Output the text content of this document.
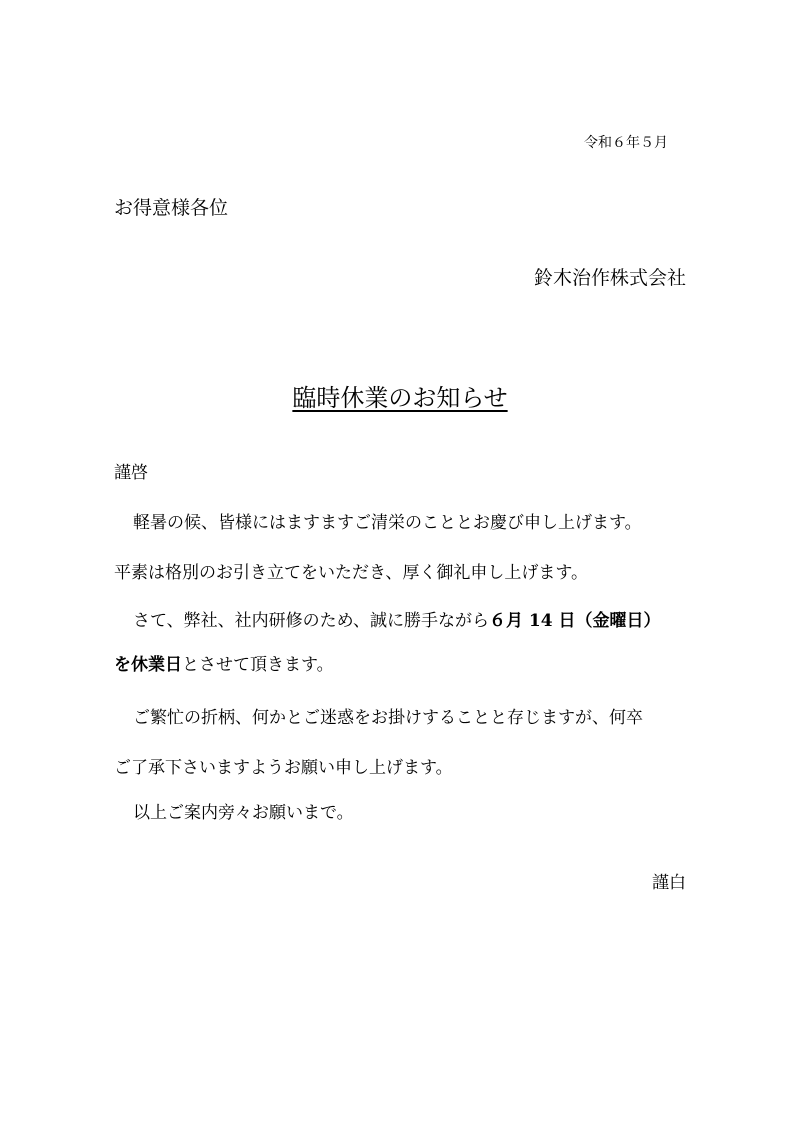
令和６年５月
お得意様各位
鈴木治作株式会社
臨時休業のお知らせ
謹啓
軽暑の候、皆様にはますますご清栄のこととお慶び申し上げます。
平素は格別のお引き立てをいただき、厚く御礼申し上げます。
さて、弊社、社内研修のため、誠に勝手ながら６月 14 日（金曜日）
を休業日とさせて頂きます。
ご繁忙の折柄、何かとご迷惑をお掛けすることと存じますが、何卒
ご了承下さいますようお願い申し上げます。
以上ご案内旁々お願いまで。
謹白
